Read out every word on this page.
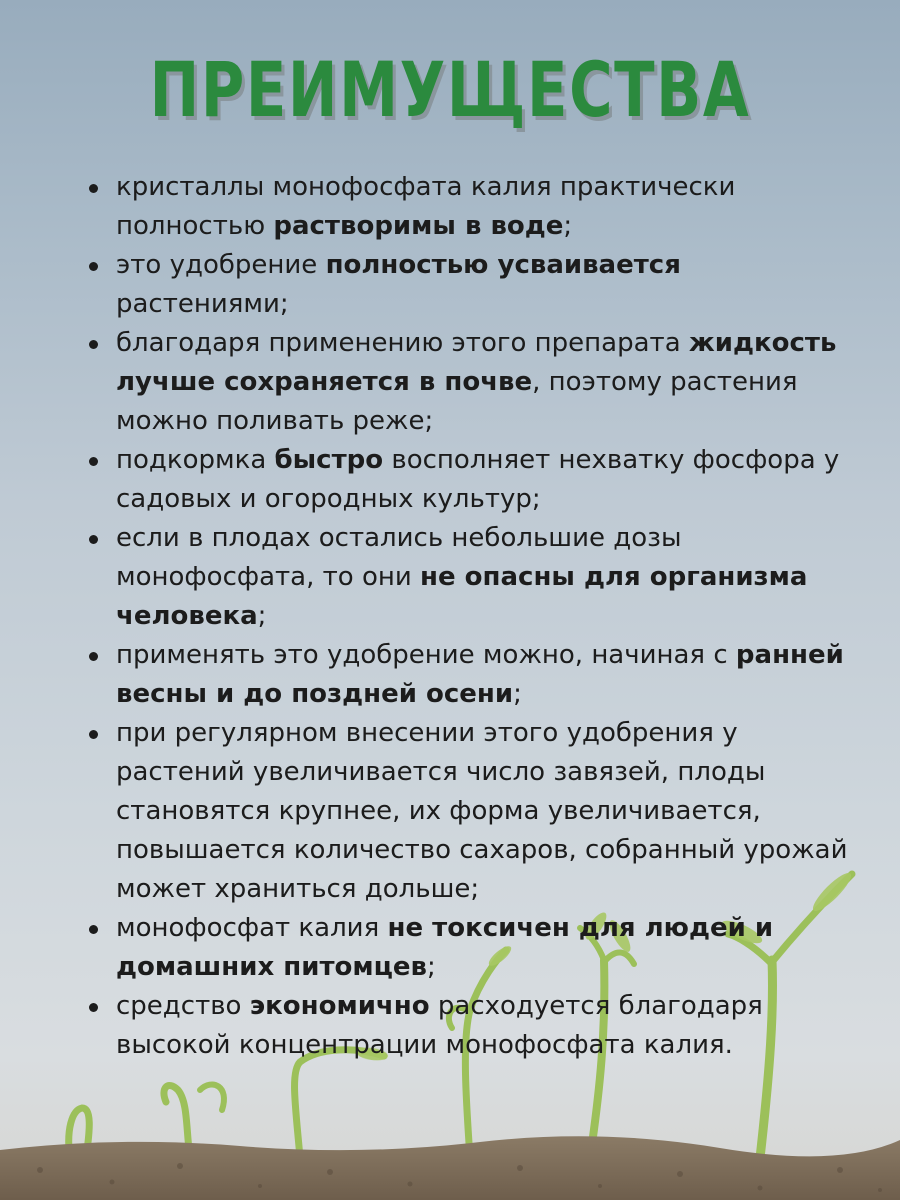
ПРЕИМУЩЕСТВА
кристаллы монофосфата калия практически полностью растворимы в воде;
это удобрение полностью усваивается растениями;
благодаря применению этого препарата жидкость лучше сохраняется в почве, поэтому растения можно поливать реже;
подкормка быстро восполняет нехватку фосфора у садовых и огородных культур;
если в плодах остались небольшие дозы монофосфата, то они не опасны для организма человека;
применять это удобрение можно, начиная с ранней весны и до поздней осени;
при регулярном внесении этого удобрения у растений увеличивается число завязей, плоды становятся крупнее, их форма увеличивается, повышается количество сахаров, собранный урожай может храниться дольше;
монофосфат калия не токсичен для людей и домашних питомцев;
средство экономично расходуется благодаря высокой концентрации монофосфата калия.
